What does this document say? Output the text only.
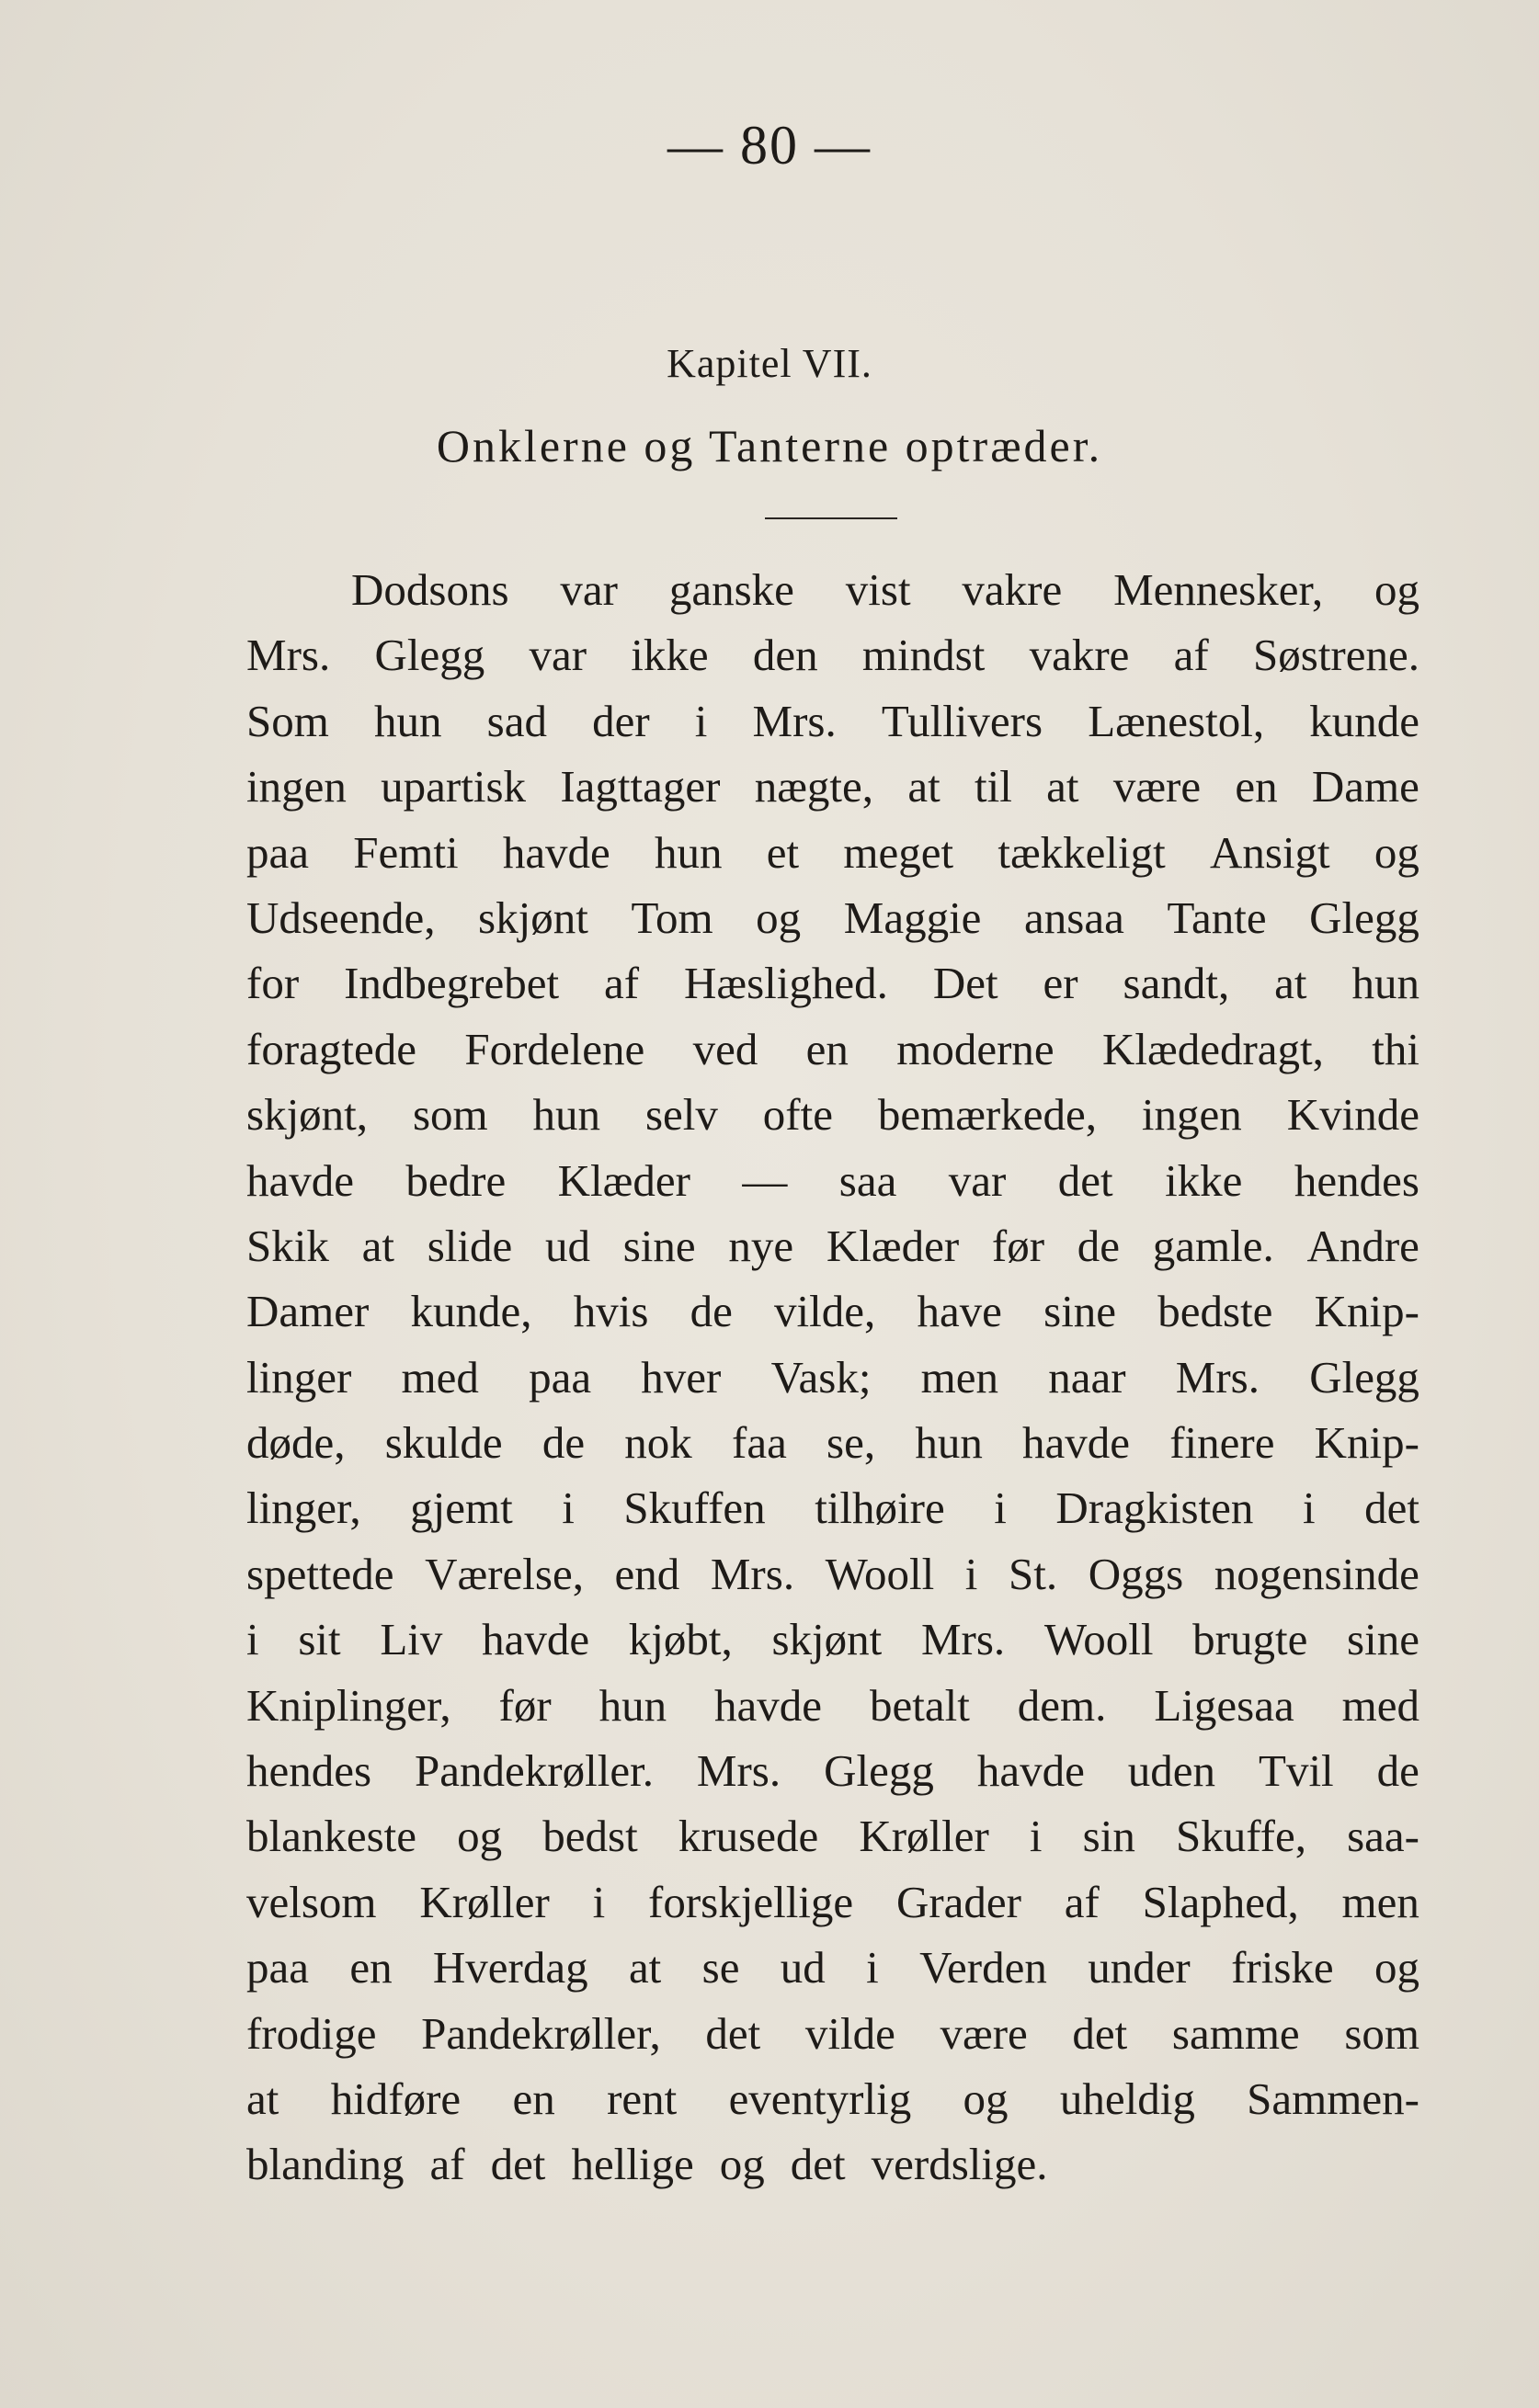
— 80 —
Kapitel VII.
Onklerne og Tanterne optræder.
Dodsons var ganske vist vakre Mennesker, og
Mrs. Glegg var ikke den mindst vakre af Søstrene.
Som hun sad der i Mrs. Tullivers Lænestol, kunde
ingen upartisk Iagttager nægte, at til at være en Dame
paa Femti havde hun et meget tækkeligt Ansigt og
Udseende, skjønt Tom og Maggie ansaa Tante Glegg
for Indbegrebet af Hæslighed. Det er sandt, at hun
foragtede Fordelene ved en moderne Klædedragt, thi
skjønt, som hun selv ofte bemærkede, ingen Kvinde
havde bedre Klæder — saa var det ikke hendes
Skik at slide ud sine nye Klæder før de gamle. Andre
Damer kunde, hvis de vilde, have sine bedste Knip-
linger med paa hver Vask; men naar Mrs. Glegg
døde, skulde de nok faa se, hun havde finere Knip-
linger, gjemt i Skuffen tilhøire i Dragkisten i det
spettede Værelse, end Mrs. Wooll i St. Oggs nogensinde
i sit Liv havde kjøbt, skjønt Mrs. Wooll brugte sine
Kniplinger, før hun havde betalt dem. Ligesaa med
hendes Pandekrøller. Mrs. Glegg havde uden Tvil de
blankeste og bedst krusede Krøller i sin Skuffe, saa-
velsom Krøller i forskjellige Grader af Slaphed, men
paa en Hverdag at se ud i Verden under friske og
frodige Pandekrøller, det vilde være det samme som
at hidføre en rent eventyrlig og uheldig Sammen-
blanding af det hellige og det verdslige.
